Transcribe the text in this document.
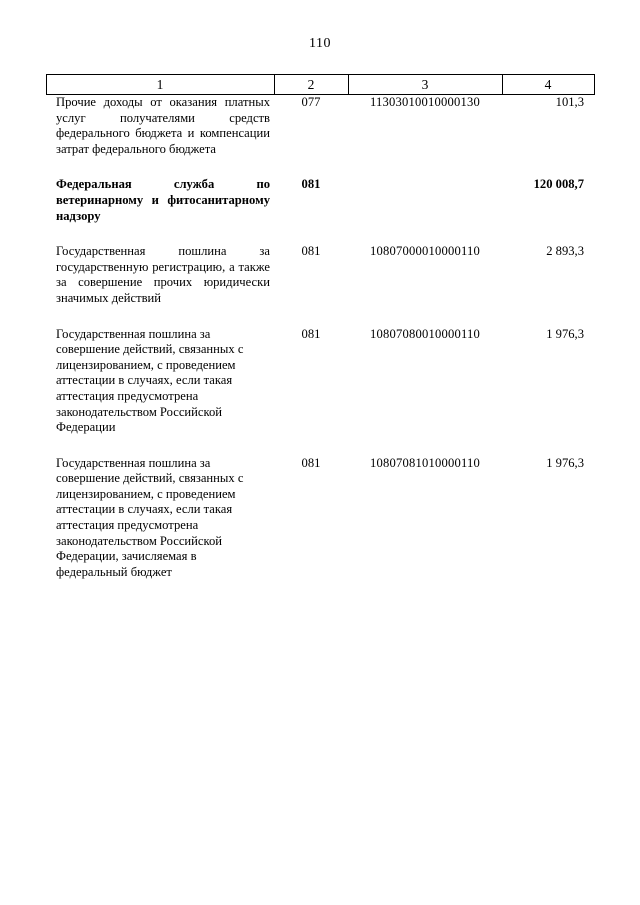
110
1	2	3	4

Прочие доходы от оказания платных услуг получателями средств федерального бюджета и компенсации затрат федерального бюджета	077	11303010010000130	101,3

Федеральная служба по ветеринарному и фитосанитарному надзору	081		120 008,7

Государственная пошлина за государственную регистрацию, а также за совершение прочих юридически значимых действий	081	10807000010000110	2 893,3

Государственная пошлина за совершение действий, связанных с лицензированием, с проведением аттестации в случаях, если такая аттестация предусмотрена законодательством Российской Федерации	081	10807080010000110	1 976,3

Государственная пошлина за совершение действий, связанных с лицензированием, с проведением аттестации в случаях, если такая аттестация предусмотрена законодательством Российской Федерации, зачисляемая в федеральный бюджет	081	10807081010000110	1 976,3
